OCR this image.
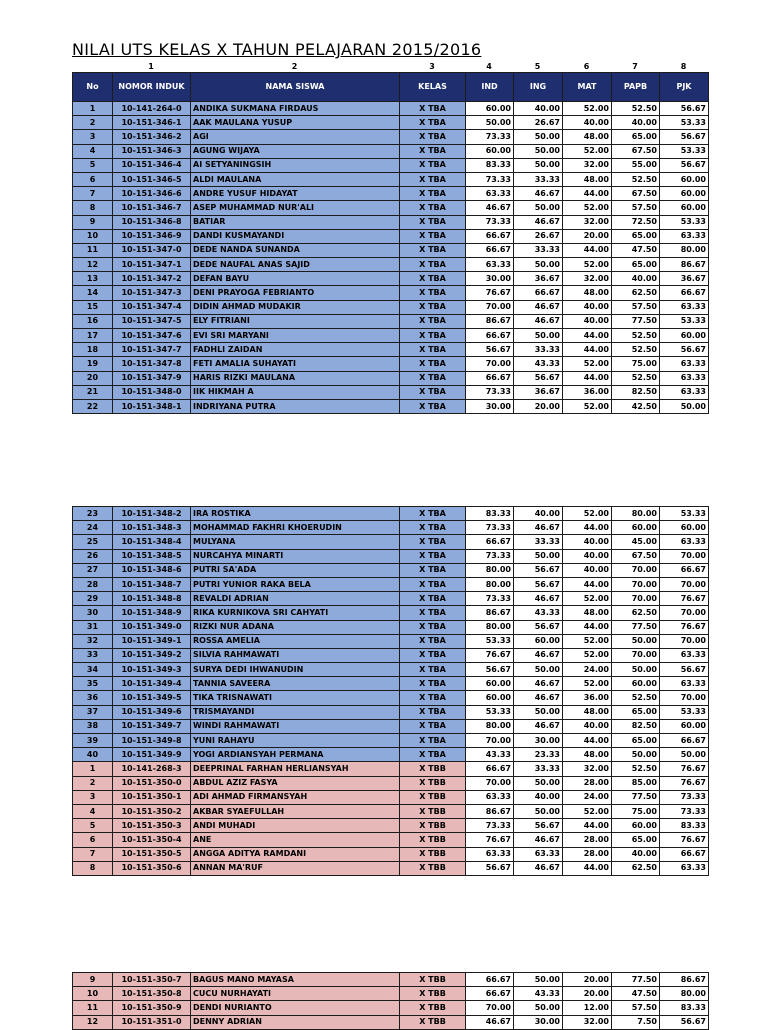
NILAI UTS KELAS X TAHUN PELAJARAN 2015/2016
	1	2	3	4	5	6	7	8
No	NOMOR INDUK	NAMA SISWA	KELAS	IND	ING	MAT	PAPB	PJK
1	10-141-264-0	ANDIKA SUKMANA FIRDAUS	X TBA	60.00	40.00	52.00	52.50	56.67
2	10-151-346-1	AAK MAULANA YUSUP	X TBA	50.00	26.67	40.00	40.00	53.33
3	10-151-346-2	AGI	X TBA	73.33	50.00	48.00	65.00	56.67
4	10-151-346-3	AGUNG WIJAYA	X TBA	60.00	50.00	52.00	67.50	53.33
5	10-151-346-4	AI SETYANINGSIH	X TBA	83.33	50.00	32.00	55.00	56.67
6	10-151-346-5	ALDI MAULANA	X TBA	73.33	33.33	48.00	52.50	60.00
7	10-151-346-6	ANDRE YUSUF HIDAYAT	X TBA	63.33	46.67	44.00	67.50	60.00
8	10-151-346-7	ASEP MUHAMMAD NUR'ALI	X TBA	46.67	50.00	52.00	57.50	60.00
9	10-151-346-8	BATIAR	X TBA	73.33	46.67	32.00	72.50	53.33
10	10-151-346-9	DANDI KUSMAYANDI	X TBA	66.67	26.67	20.00	65.00	63.33
11	10-151-347-0	DEDE NANDA SUNANDA	X TBA	66.67	33.33	44.00	47.50	80.00
12	10-151-347-1	DEDE NAUFAL ANAS SAJID	X TBA	63.33	50.00	52.00	65.00	86.67
13	10-151-347-2	DEFAN BAYU	X TBA	30.00	36.67	32.00	40.00	36.67
14	10-151-347-3	DENI PRAYOGA FEBRIANTO	X TBA	76.67	66.67	48.00	62.50	66.67
15	10-151-347-4	DIDIN AHMAD MUDAKIR	X TBA	70.00	46.67	40.00	57.50	63.33
16	10-151-347-5	ELY FITRIANI	X TBA	86.67	46.67	40.00	77.50	53.33
17	10-151-347-6	EVI SRI MARYANI	X TBA	66.67	50.00	44.00	52.50	60.00
18	10-151-347-7	FADHLI ZAIDAN	X TBA	56.67	33.33	44.00	52.50	56.67
19	10-151-347-8	FETI AMALIA SUHAYATI	X TBA	70.00	43.33	52.00	75.00	63.33
20	10-151-347-9	HARIS RIZKI MAULANA	X TBA	66.67	56.67	44.00	52.50	63.33
21	10-151-348-0	IIK HIKMAH A	X TBA	73.33	36.67	36.00	82.50	63.33
22	10-151-348-1	INDRIYANA PUTRA	X TBA	30.00	20.00	52.00	42.50	50.00
23	10-151-348-2	IRA ROSTIKA	X TBA	83.33	40.00	52.00	80.00	53.33
24	10-151-348-3	MOHAMMAD FAKHRI KHOERUDIN	X TBA	73.33	46.67	44.00	60.00	60.00
25	10-151-348-4	MULYANA	X TBA	66.67	33.33	40.00	45.00	63.33
26	10-151-348-5	NURCAHYA MINARTI	X TBA	73.33	50.00	40.00	67.50	70.00
27	10-151-348-6	PUTRI SA'ADA	X TBA	80.00	56.67	40.00	70.00	66.67
28	10-151-348-7	PUTRI YUNIOR RAKA BELA	X TBA	80.00	56.67	44.00	70.00	70.00
29	10-151-348-8	REVALDI ADRIAN	X TBA	73.33	46.67	52.00	70.00	76.67
30	10-151-348-9	RIKA KURNIKOVA SRI CAHYATI	X TBA	86.67	43.33	48.00	62.50	70.00
31	10-151-349-0	RIZKI NUR ADANA	X TBA	80.00	56.67	44.00	77.50	76.67
32	10-151-349-1	ROSSA AMELIA	X TBA	53.33	60.00	52.00	50.00	70.00
33	10-151-349-2	SILVIA RAHMAWATI	X TBA	76.67	46.67	52.00	70.00	63.33
34	10-151-349-3	SURYA DEDI IHWANUDIN	X TBA	56.67	50.00	24.00	50.00	56.67
35	10-151-349-4	TANNIA SAVEERA	X TBA	60.00	46.67	52.00	60.00	63.33
36	10-151-349-5	TIKA TRISNAWATI	X TBA	60.00	46.67	36.00	52.50	70.00
37	10-151-349-6	TRISMAYANDI	X TBA	53.33	50.00	48.00	65.00	53.33
38	10-151-349-7	WINDI RAHMAWATI	X TBA	80.00	46.67	40.00	82.50	60.00
39	10-151-349-8	YUNI RAHAYU	X TBA	70.00	30.00	44.00	65.00	66.67
40	10-151-349-9	YOGI ARDIANSYAH PERMANA	X TBA	43.33	23.33	48.00	50.00	50.00
1	10-141-268-3	DEEPRINAL FARHAN HERLIANSYAH	X TBB	66.67	33.33	32.00	52.50	76.67
2	10-151-350-0	ABDUL AZIZ FASYA	X TBB	70.00	50.00	28.00	85.00	76.67
3	10-151-350-1	ADI AHMAD FIRMANSYAH	X TBB	63.33	40.00	24.00	77.50	73.33
4	10-151-350-2	AKBAR SYAEFULLAH	X TBB	86.67	50.00	52.00	75.00	73.33
5	10-151-350-3	ANDI MUHADI	X TBB	73.33	56.67	44.00	60.00	83.33
6	10-151-350-4	ANE	X TBB	76.67	46.67	28.00	65.00	76.67
7	10-151-350-5	ANGGA ADITYA RAMDANI	X TBB	63.33	63.33	28.00	40.00	66.67
8	10-151-350-6	ANNAN MA'RUF	X TBB	56.67	46.67	44.00	62.50	63.33
9	10-151-350-7	BAGUS MANO MAYASA	X TBB	66.67	50.00	20.00	77.50	86.67
10	10-151-350-8	CUCU NURHAYATI	X TBB	66.67	43.33	20.00	47.50	80.00
11	10-151-350-9	DENDI NURIANTO	X TBB	70.00	50.00	12.00	57.50	83.33
12	10-151-351-0	DENNY ADRIAN	X TBB	46.67	30.00	32.00	7.50	56.67
